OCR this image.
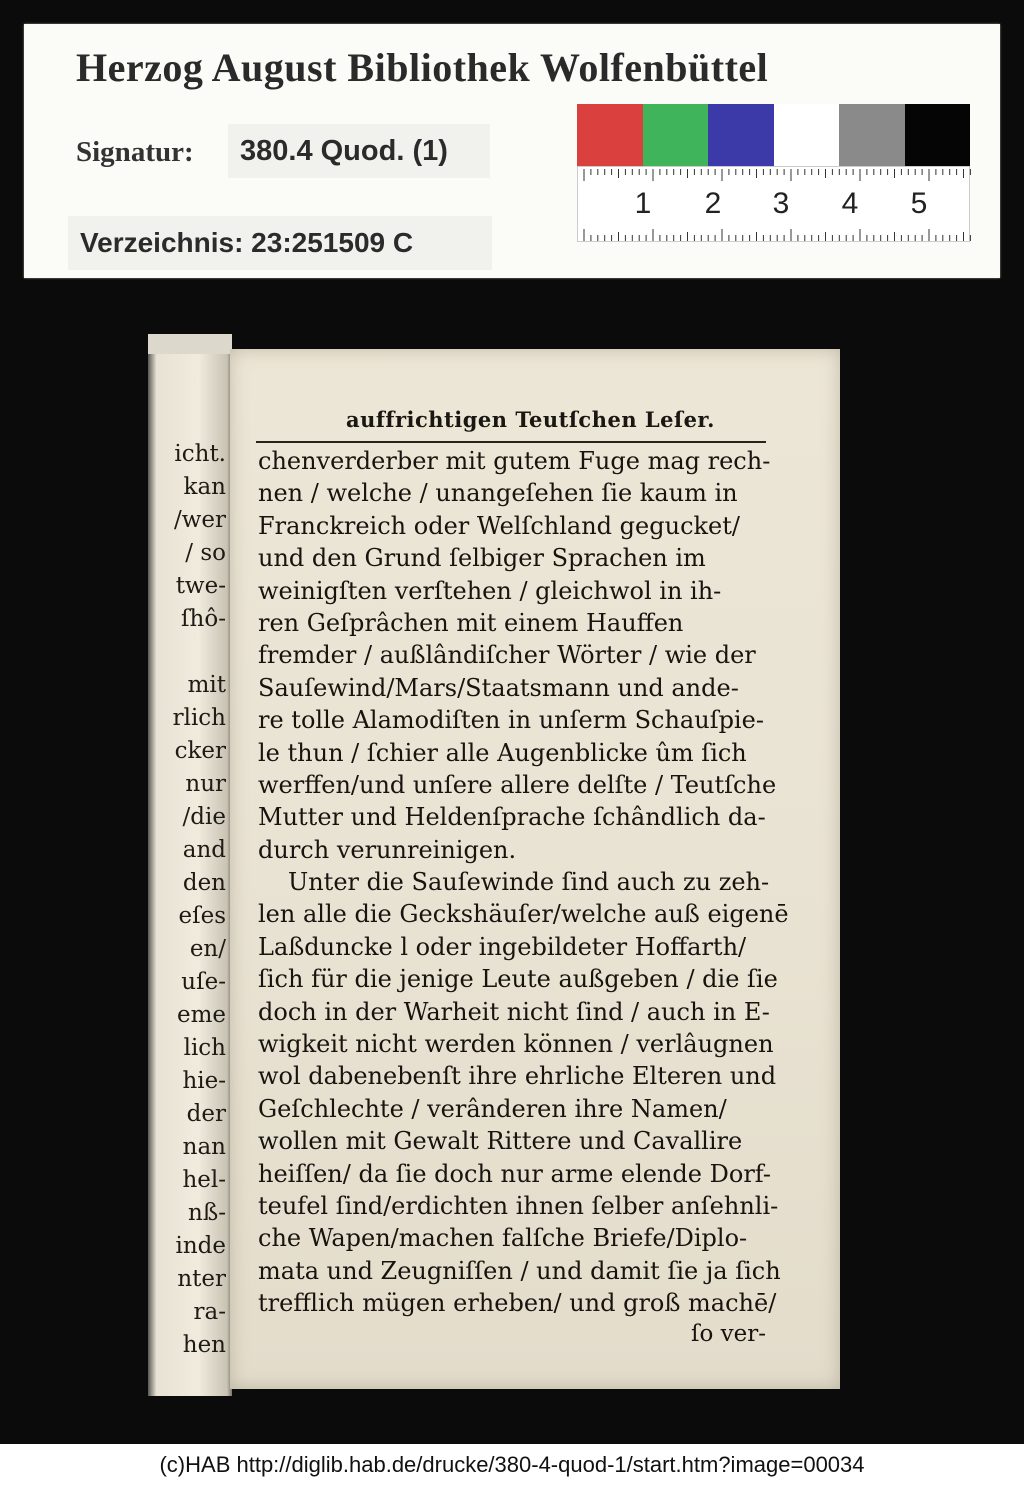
Herzog August Bibliothek Wolfenbüttel
Signatur:	380.4 Quod. (1)
Verzeichnis: 23:251509 C
1 2 3 4 5
icht.
kan
/wer
/ so
twe-
ſhô-
mit
rlich
cker
nur
/die
and
den
eſes
en/
uſe-
eme
lich
hie-
der
nan
hel-
nß-
inde
nter
ra-
hen
auffrichtigen Teutſchen Leſer.
chenverderber mit gutem Fuge mag rech-
nen / welche / unangeſehen ſie kaum in
Franckreich oder Welſchland gegucket/
und den Grund ſelbiger Sprachen im
weinigſten verſtehen / gleichwol in ih-
ren Geſprâchen mit einem Hauffen
fremder / außlândiſcher Wörter / wie der
Sauſewind/Mars/Staatsmann und ande-
re tolle Alamodiſten in unſerm Schauſpie-
le thun / ſchier alle Augenblicke ûm ſich
werffen/und unſere allere delſte / Teutſche
Mutter und Heldenſprache ſchândlich da-
durch verunreinigen.
Unter die Sauſewinde ſind auch zu zeh-
len alle die Geckshäuſer/welche auß eigenē
Laßduncke l oder ingebildeter Hoffarth/
ſich für die jenige Leute außgeben / die ſie
doch in der Warheit nicht ſind / auch in E-
wigkeit nicht werden können / verlâugnen
wol dabenebenſt ihre ehrliche Elteren und
Geſchlechte / verânderen ihre Namen/
wollen mit Gewalt Rittere und Cavallire
heiſſen/ da ſie doch nur arme elende Dorf-
teufel ſind/erdichten ihnen ſelber anſehnli-
che Wapen/machen falſche Briefe/Diplo-
mata und Zeugniſſen / und damit ſie ja ſich
trefflich mügen erheben/ und groß machē/
ſo ver-
(c)HAB http://diglib.hab.de/drucke/380-4-quod-1/start.htm?image=00034
